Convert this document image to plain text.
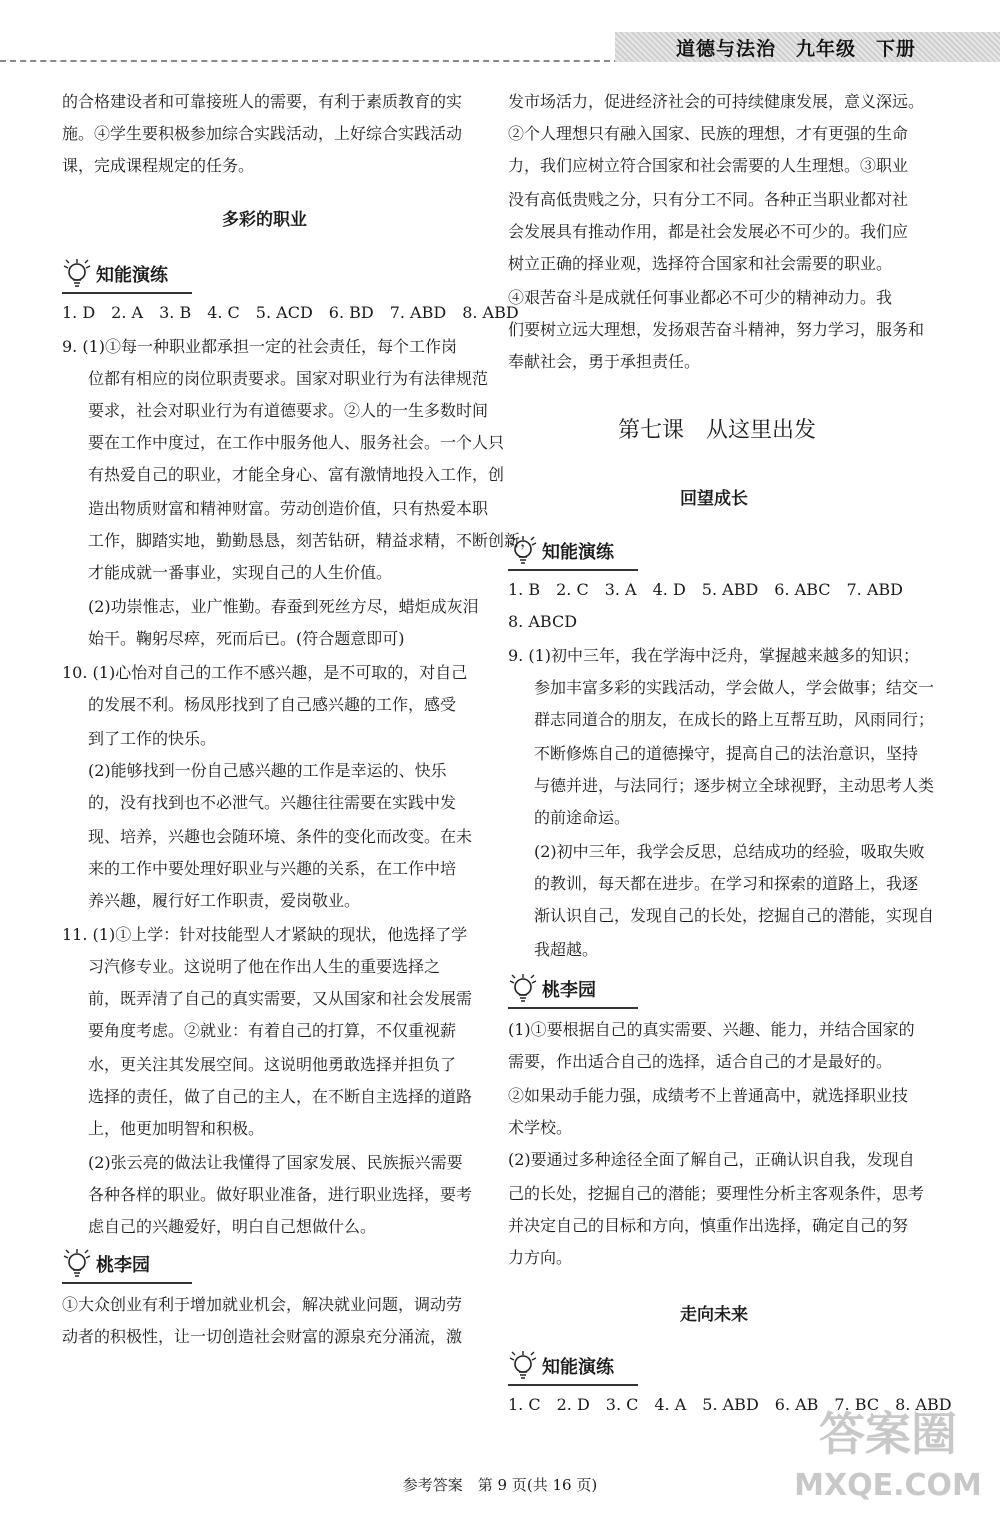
道德与法治　九年级　下册
的合格建设者和可靠接班人的需要，有利于素质教育的实
施。④学生要积极参加综合实践活动，上好综合实践活动
课，完成课程规定的任务。
多彩的职业
知能演练
1. D　2. A　3. B　4. C　5. ACD　6. BD　7. ABD　8. ABD
9. (1)①每一种职业都承担一定的社会责任，每个工作岗
位都有相应的岗位职责要求。国家对职业行为有法律规范
要求，社会对职业行为有道德要求。②人的一生多数时间
要在工作中度过，在工作中服务他人、服务社会。一个人只
有热爱自己的职业，才能全身心、富有激情地投入工作，创
造出物质财富和精神财富。劳动创造价值，只有热爱本职
工作，脚踏实地，勤勤恳恳，刻苦钻研，精益求精，不断创新，
才能成就一番事业，实现自己的人生价值。
(2)功崇惟志，业广惟勤。春蚕到死丝方尽，蜡炬成灰泪
始干。鞠躬尽瘁，死而后已。(符合题意即可)
10. (1)心怡对自己的工作不感兴趣，是不可取的，对自己
的发展不利。杨凤彤找到了自己感兴趣的工作，感受
到了工作的快乐。
(2)能够找到一份自己感兴趣的工作是幸运的、快乐
的，没有找到也不必泄气。兴趣往往需要在实践中发
现、培养，兴趣也会随环境、条件的变化而改变。在未
来的工作中要处理好职业与兴趣的关系，在工作中培
养兴趣，履行好工作职责，爱岗敬业。
11. (1)①上学：针对技能型人才紧缺的现状，他选择了学
习汽修专业。这说明了他在作出人生的重要选择之
前，既弄清了自己的真实需要，又从国家和社会发展需
要角度考虑。②就业：有着自己的打算，不仅重视薪
水，更关注其发展空间。这说明他勇敢选择并担负了
选择的责任，做了自己的主人，在不断自主选择的道路
上，他更加明智和积极。
(2)张云亮的做法让我懂得了国家发展、民族振兴需要
各种各样的职业。做好职业准备，进行职业选择，要考
虑自己的兴趣爱好，明白自己想做什么。
桃李园
①大众创业有利于增加就业机会，解决就业问题，调动劳
动者的积极性，让一切创造社会财富的源泉充分涌流，激
发市场活力，促进经济社会的可持续健康发展，意义深远。
②个人理想只有融入国家、民族的理想，才有更强的生命
力，我们应树立符合国家和社会需要的人生理想。③职业
没有高低贵贱之分，只有分工不同。各种正当职业都对社
会发展具有推动作用，都是社会发展必不可少的。我们应
树立正确的择业观，选择符合国家和社会需要的职业。
④艰苦奋斗是成就任何事业都必不可少的精神动力。我
们要树立远大理想，发扬艰苦奋斗精神，努力学习，服务和
奉献社会，勇于承担责任。
第七课　从这里出发
回望成长
知能演练
1. B　2. C　3. A　4. D　5. ABD　6. ABC　7. ABD
8. ABCD
9. (1)初中三年，我在学海中泛舟，掌握越来越多的知识；
参加丰富多彩的实践活动，学会做人，学会做事；结交一
群志同道合的朋友，在成长的路上互帮互助，风雨同行；
不断修炼自己的道德操守，提高自己的法治意识，坚持
与德并进，与法同行；逐步树立全球视野，主动思考人类
的前途命运。
(2)初中三年，我学会反思，总结成功的经验，吸取失败
的教训，每天都在进步。在学习和探索的道路上，我逐
渐认识自己，发现自己的长处，挖掘自己的潜能，实现自
我超越。
桃李园
(1)①要根据自己的真实需要、兴趣、能力，并结合国家的
需要，作出适合自己的选择，适合自己的才是最好的。
②如果动手能力强，成绩考不上普通高中，就选择职业技
术学校。
(2)要通过多种途径全面了解自己，正确认识自我，发现自
己的长处，挖掘自己的潜能；要理性分析主客观条件，思考
并决定自己的目标和方向，慎重作出选择，确定自己的努
力方向。
走向未来
知能演练
1. C　2. D　3. C　4. A　5. ABD　6. AB　7. BC　8. ABD
参考答案　第 9 页(共 16 页)
答案圈
MXQE.COM
